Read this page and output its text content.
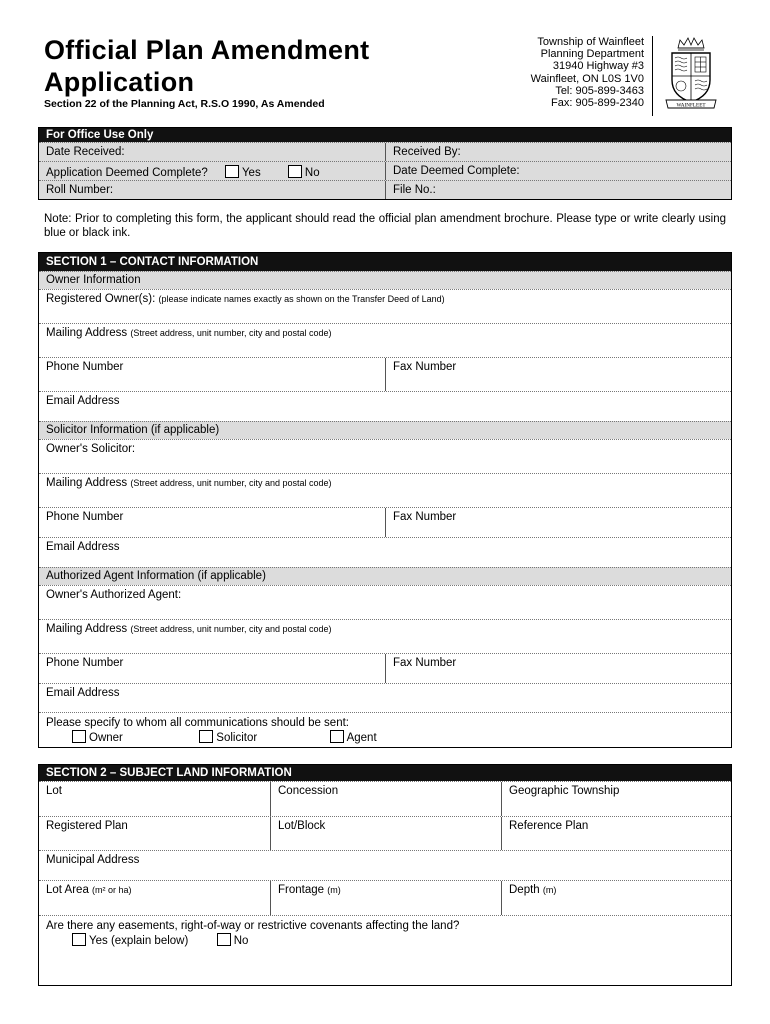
Official Plan Amendment
Application
Section 22 of the Planning Act, R.S.O 1990, As Amended
Township of Wainfleet
Planning Department
31940 Highway #3
Wainfleet, ON L0S 1V0
Tel: 905-899-3463
Fax: 905-899-2340	WAINFLEET
For Office Use Only
Date Received:	Received By:
Application Deemed Complete?	Yes	No	Date Deemed Complete:
Roll Number:	File No.:
Note: Prior to completing this form, the applicant should read the official plan amendment brochure. Please type or write clearly using blue or black ink.
SECTION 1 – CONTACT INFORMATION
Owner Information
Registered Owner(s): (please indicate names exactly as shown on the Transfer Deed of Land)
Mailing Address (Street address, unit number, city and postal code)
Phone Number	Fax Number
Email Address
Solicitor Information (if applicable)
Owner's Solicitor:
Mailing Address (Street address, unit number, city and postal code)
Phone Number	Fax Number
Email Address
Authorized Agent Information (if applicable)
Owner's Authorized Agent:
Mailing Address (Street address, unit number, city and postal code)
Phone Number	Fax Number
Email Address
Please specify to whom all communications should be sent:
Owner	Solicitor	Agent
SECTION 2 – SUBJECT LAND INFORMATION
Lot	Concession	Geographic Township
Registered Plan	Lot/Block	Reference Plan
Municipal Address
Lot Area (m² or ha)	Frontage (m)	Depth (m)
Are there any easements, right-of-way or restrictive covenants affecting the land?
Yes (explain below)	No
